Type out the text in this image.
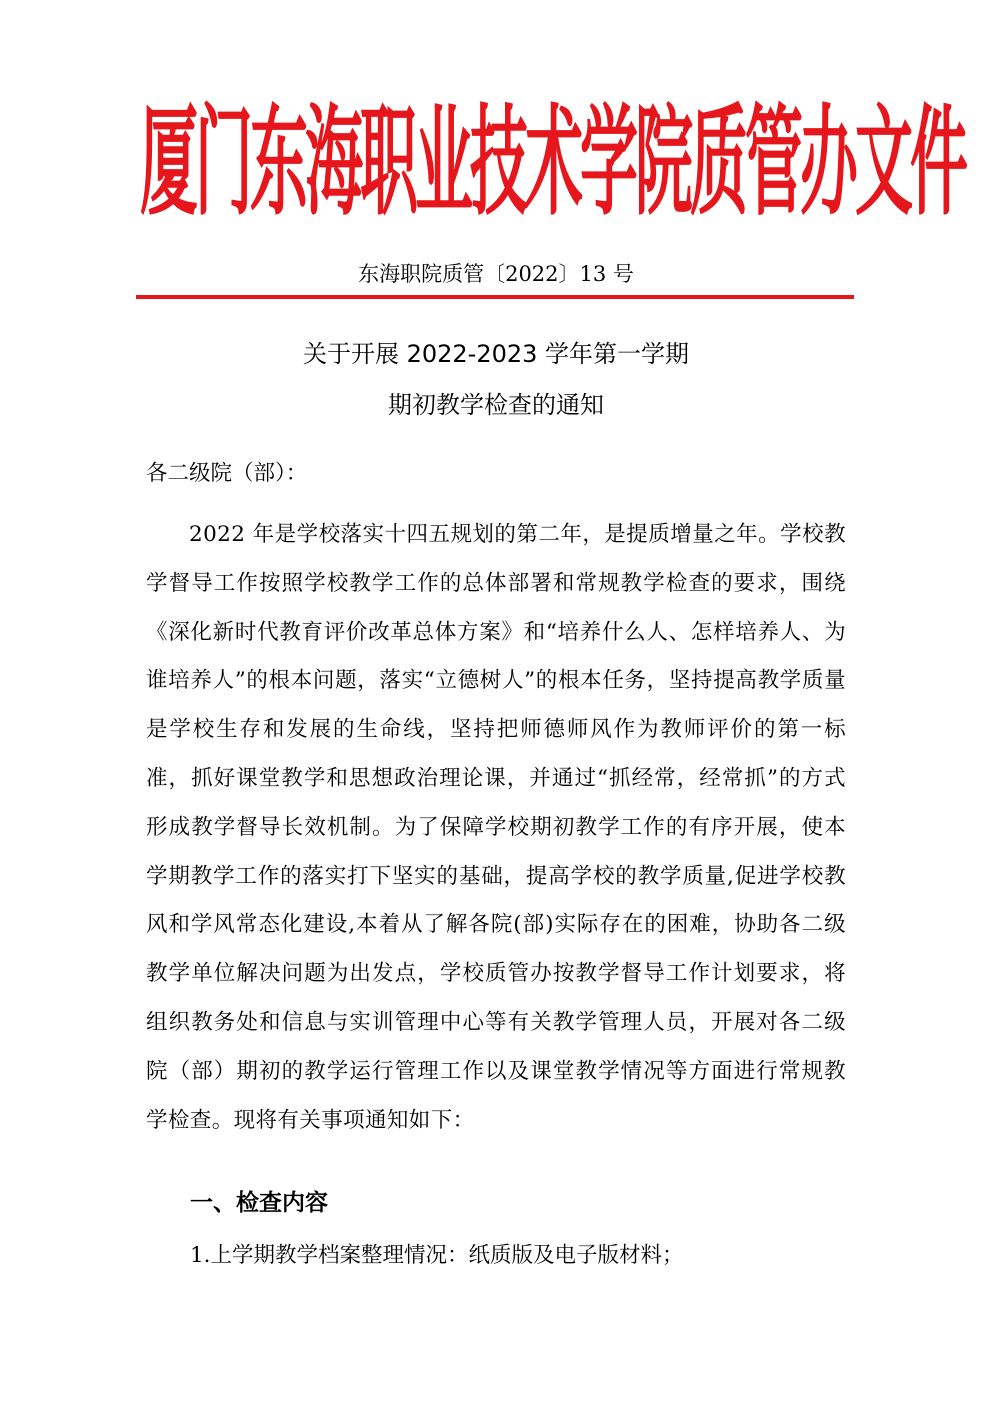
厦门东海职业技术学院质管办文件
东海职院质管〔2022〕13 号
关于开展 2022-2023 学年第一学期
期初教学检查的通知
各二级院（部）：
2022 年是学校落实十四五规划的第二年，是提质增量之年。学校教学督导工作按照学校教学工作的总体部署和常规教学检查的要求，围绕《深化新时代教育评价改革总体方案》和“培养什么人、怎样培养人、为谁培养人”的根本问题，落实“立德树人”的根本任务，坚持提高教学质量是学校生存和发展的生命线，坚持把师德师风作为教师评价的第一标准，抓好课堂教学和思想政治理论课，并通过“抓经常，经常抓”的方式形成教学督导长效机制。为了保障学校期初教学工作的有序开展，使本学期教学工作的落实打下坚实的基础，提高学校的教学质量,促进学校教风和学风常态化建设,本着从了解各院(部)实际存在的困难，协助各二级教学单位解决问题为出发点，学校质管办按教学督导工作计划要求，将组织教务处和信息与实训管理中心等有关教学管理人员，开展对各二级院（部）期初的教学运行管理工作以及课堂教学情况等方面进行常规教学检查。现将有关事项通知如下：
一、检查内容
1.上学期教学档案整理情况：纸质版及电子版材料；
